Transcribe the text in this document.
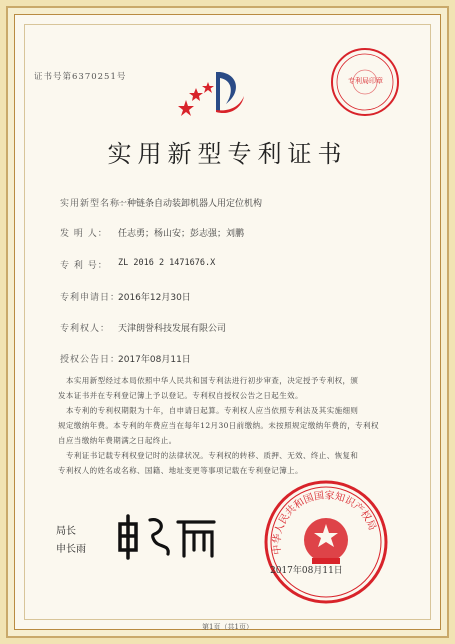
证书号第6370251号	专利局印章
实用新型专利证书
实用新型名称：
一种链条自动装卸机器人用定位机构
发 明 人： 任志勇；杨山安；彭志强；刘鹏
专 利 号： ZL 2016 2 1471676.X
专利申请日：
2016年12月30日
专利权人： 天津朗誉科技发展有限公司
授权公告日：
2017年08月11日
本实用新型经过本局依照中华人民共和国专利法进行初步审查，决定授予专利权，颁
发本证书并在专利登记簿上予以登记。专利权自授权公告之日起生效。
本专利的专利权期限为十年，自申请日起算。专利权人应当依照专利法及其实施细则
规定缴纳年费。本专利的年费应当在每年12月30日前缴纳。未按照规定缴纳年费的，专利权
自应当缴纳年费期满之日起终止。
专利证书记载专利权登记时的法律状况。专利权的转移、质押、无效、终止、恢复和
专利权人的姓名或名称、国籍、地址变更等事项记载在专利登记簿上。
局长
申长雨	中华人民共和国国家知识产权局
2017年08月11日
第1页（共1页）
